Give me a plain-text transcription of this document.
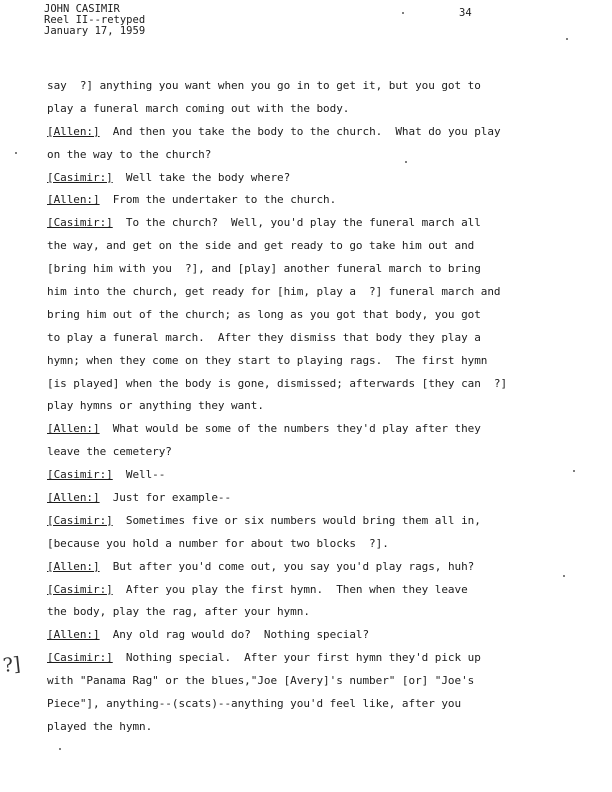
JOHN CASIMIR
Reel II--retyped
January 17, 1959
34
say  ?] anything you want when you go in to get it, but you got to
play a funeral march coming out with the body.
[Allen:]  And then you take the body to the church.  What do you play
on the way to the church?
[Casimir:]  Well take the body where?
[Allen:]  From the undertaker to the church.
[Casimir:]  To the church?  Well, you'd play the funeral march all
the way, and get on the side and get ready to go take him out and
[bring him with you  ?], and [play] another funeral march to bring
him into the church, get ready for [him, play a  ?] funeral march and
bring him out of the church; as long as you got that body, you got
to play a funeral march.  After they dismiss that body they play a
hymn; when they come on they start to playing rags.  The first hymn
[is played] when the body is gone, dismissed; afterwards [they can  ?]
play hymns or anything they want.
[Allen:]  What would be some of the numbers they'd play after they
leave the cemetery?
[Casimir:]  Well--
[Allen:]  Just for example--
[Casimir:]  Sometimes five or six numbers would bring them all in,
[because you hold a number for about two blocks  ?].
[Allen:]  But after you'd come out, you say you'd play rags, huh?
[Casimir:]  After you play the first hymn.  Then when they leave
the body, play the rag, after your hymn.
[Allen:]  Any old rag would do?  Nothing special?
[Casimir:]  Nothing special.  After your first hymn they'd pick up
with "Panama Rag" or the blues,"Joe [Avery]'s number" [or] "Joe's
Piece"], anything--(scats)--anything you'd feel like, after you
played the hymn.
?]
